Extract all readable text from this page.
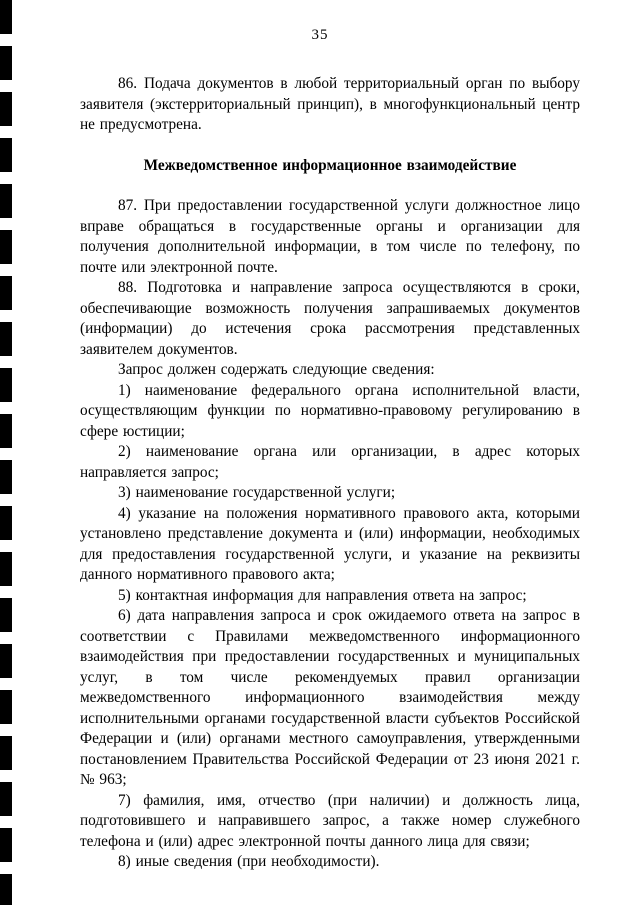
35

86. Подача документов в любой территориальный орган по выбору заявителя (экстерриториальный принцип), в многофункциональный центр не предусмотрена.

Межведомственное информационное взаимодействие

87. При предоставлении государственной услуги должностное лицо вправе обращаться в государственные органы и организации для получения дополнительной информации, в том числе по телефону, по почте или электронной почте.

88. Подготовка и направление запроса осуществляются в сроки, обеспечивающие возможность получения запрашиваемых документов (информации) до истечения срока рассмотрения представленных заявителем документов.

Запрос должен содержать следующие сведения:

1) наименование федерального органа исполнительной власти, осуществляющим функции по нормативно-правовому регулированию в сфере юстиции;

2) наименование органа или организации, в адрес которых направляется запрос;

3) наименование государственной услуги;

4) указание на положения нормативного правового акта, которыми установлено представление документа и (или) информации, необходимых для предоставления государственной услуги, и указание на реквизиты данного нормативного правового акта;

5) контактная информация для направления ответа на запрос;

6) дата направления запроса и срок ожидаемого ответа на запрос в соответствии с Правилами межведомственного информационного взаимодействия при предоставлении государственных и муниципальных услуг, в том числе рекомендуемых правил организации межведомственного информационного взаимодействия между исполнительными органами государственной власти субъектов Российской Федерации и (или) органами местного самоуправления, утвержденными постановлением Правительства Российской Федерации от 23 июня 2021 г. № 963;

7) фамилия, имя, отчество (при наличии) и должность лица, подготовившего и направившего запрос, а также номер служебного телефона и (или) адрес электронной почты данного лица для связи;

8) иные сведения (при необходимости).
